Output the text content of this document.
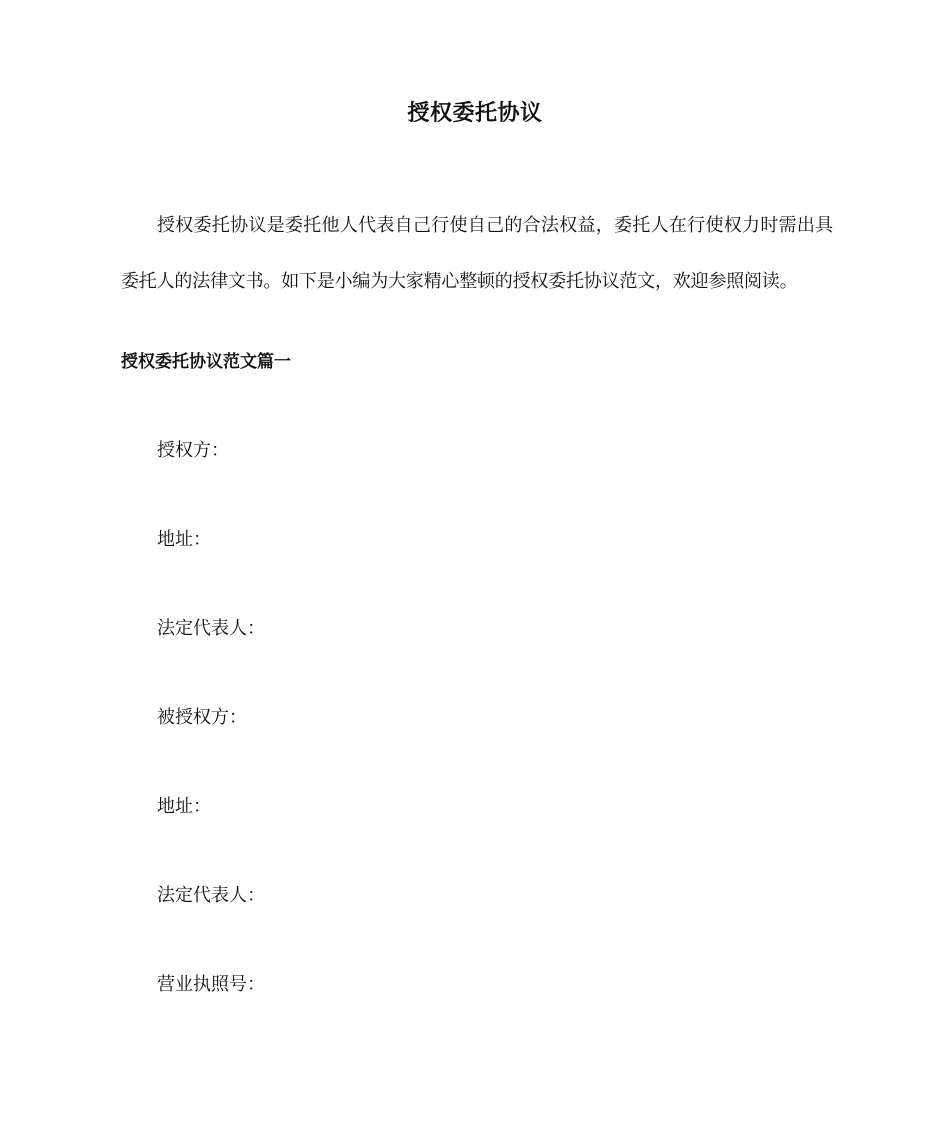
授权委托协议

授权委托协议是委托他人代表自己行使自己的合法权益，委托人在行使权力时需出具委托人的法律文书。如下是小编为大家精心整顿的授权委托协议范文，欢迎参照阅读。

授权委托协议范文篇一
授权方：
地址：
法定代表人：
被授权方：
地址：
法定代表人：
营业执照号：
